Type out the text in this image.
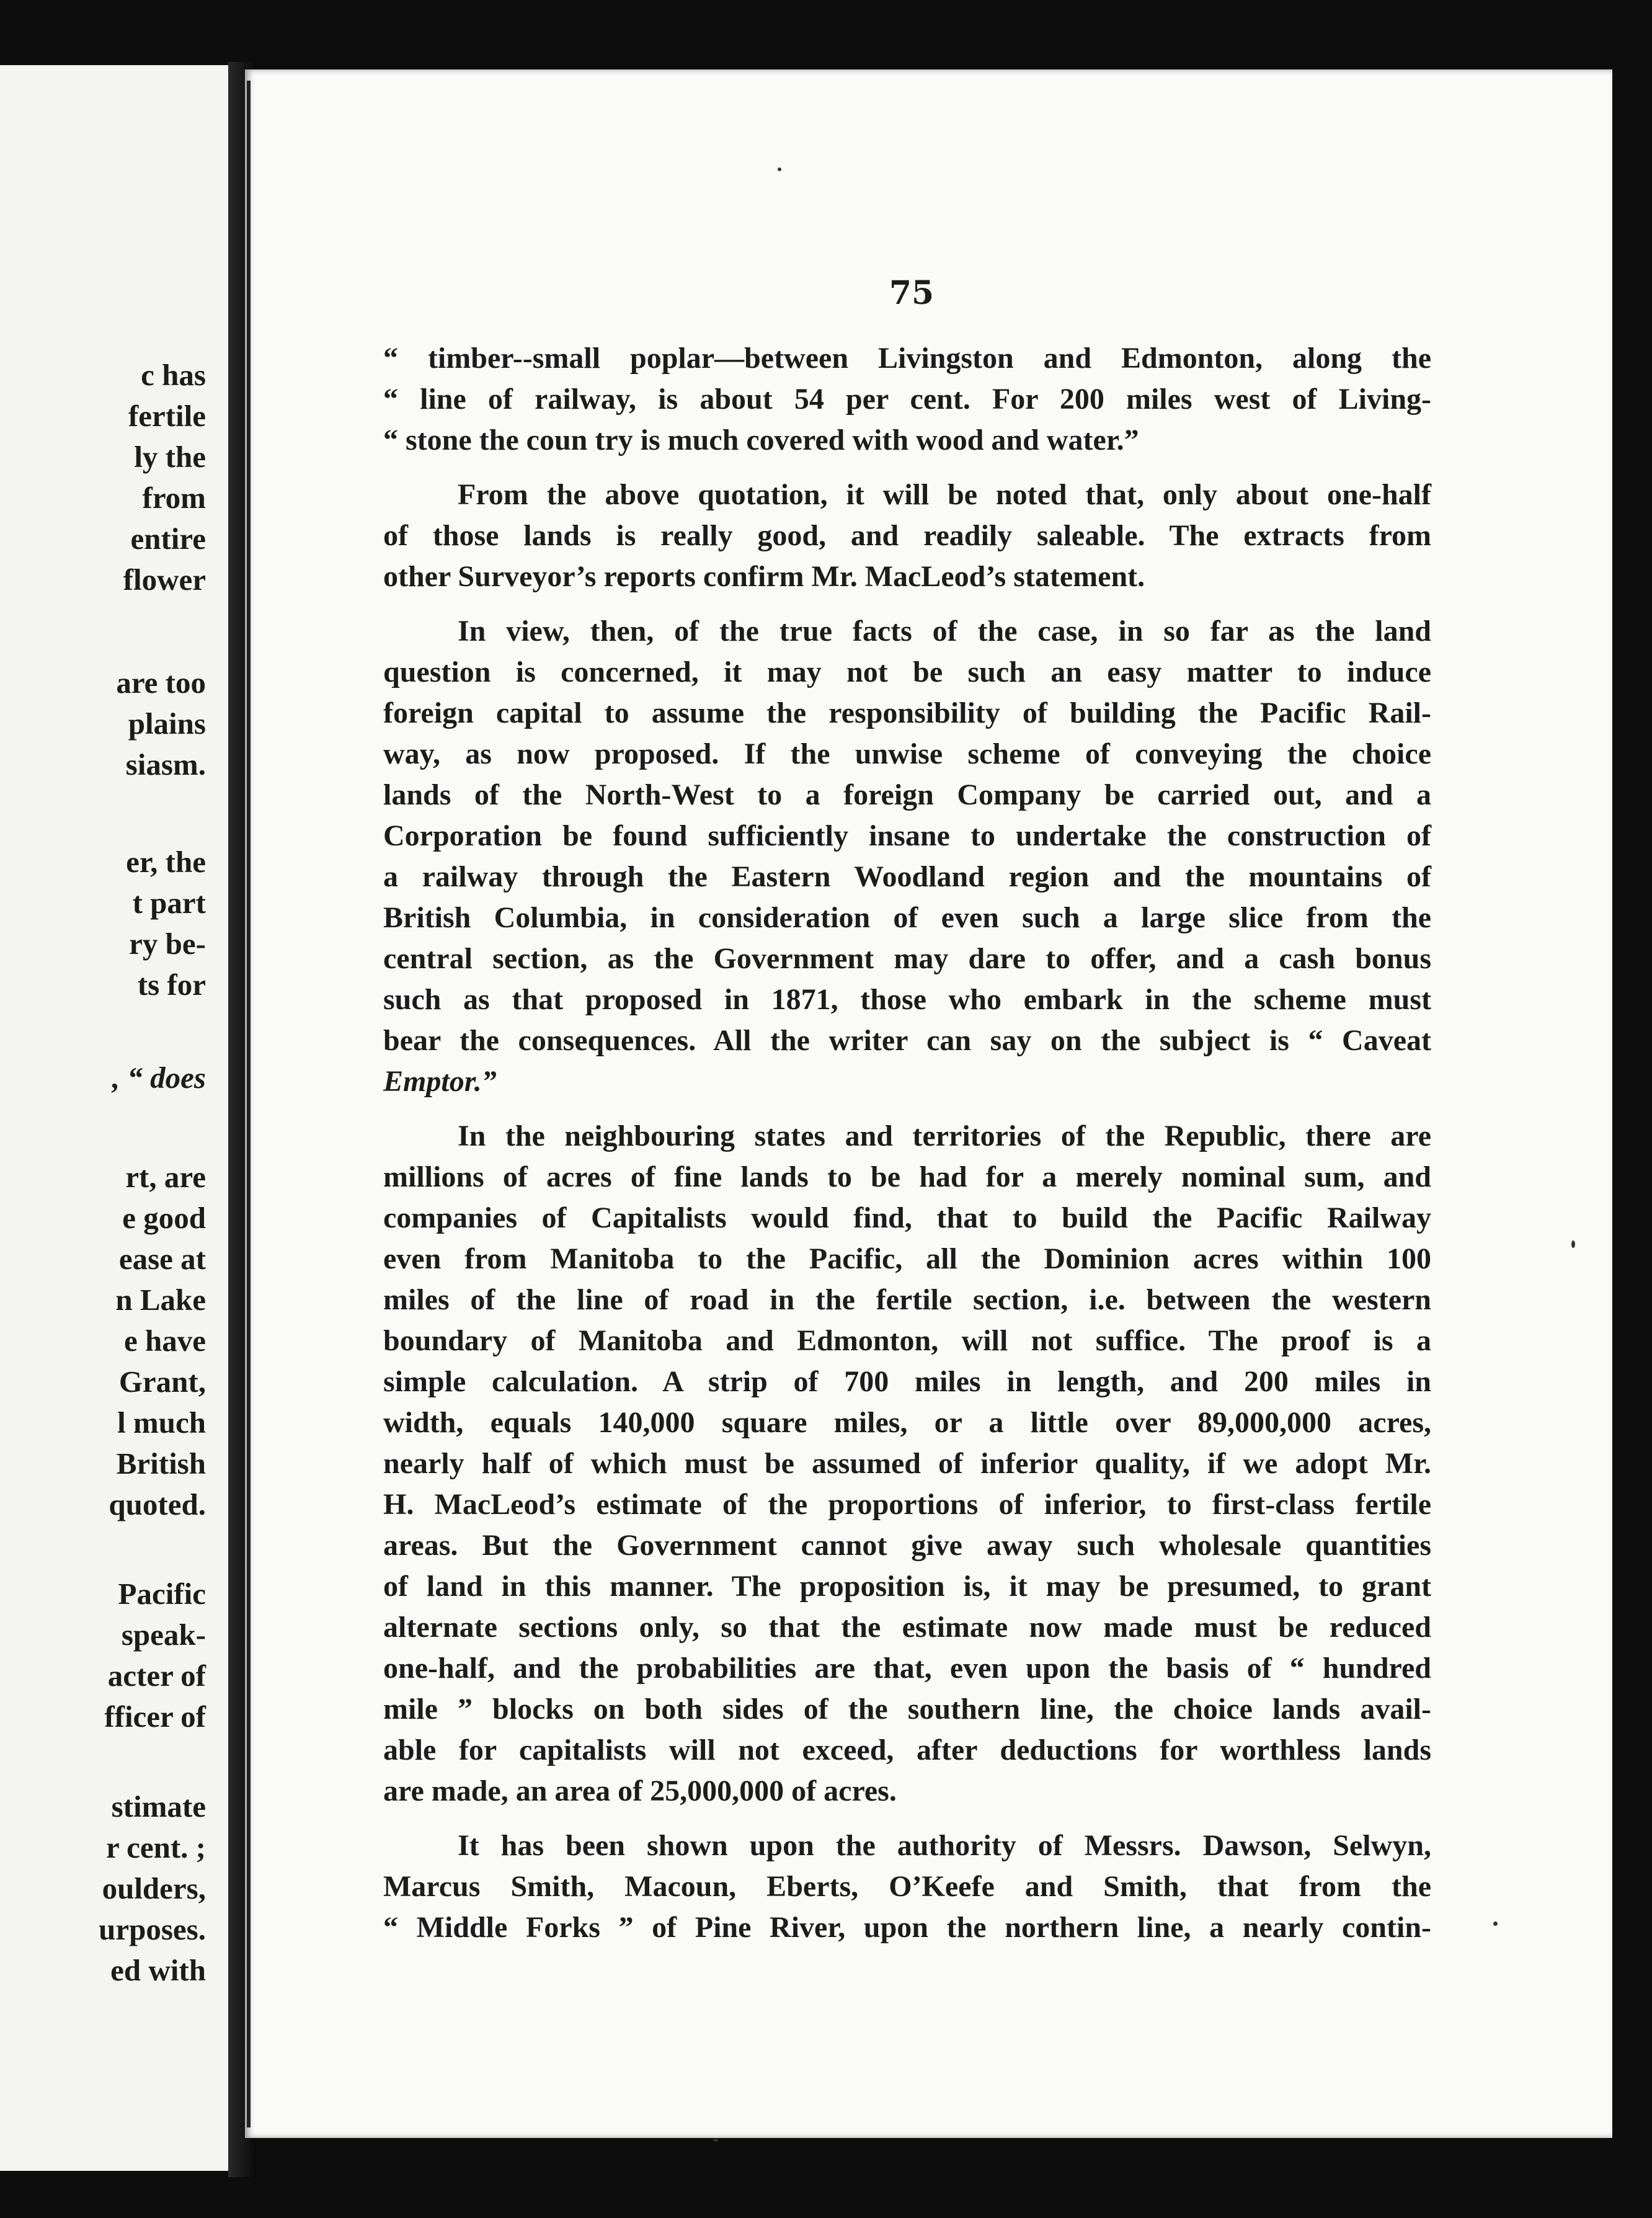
c has

fertile

ly the

from

entire

flower

are too

plains

siasm.

er, the

t part

ry be-

ts for

, “ does

rt, are

e good

ease at

n Lake

e have

Grant,

l much

British

quoted.

Pacific

speak-

acter of

fficer of

stimate

r cent. ;

oulders,

urposes.

ed with

75

“ timber--small poplar—between Livingston and Edmonton, along the
“ line of railway, is about 54 per cent. For 200 miles west of Living-
“ stone the coun try is much covered with wood and water.”
From the above quotation, it will be noted that, only about one-half
of those lands is really good, and readily saleable. The extracts from
other Surveyor’s reports confirm Mr. MacLeod’s statement.
In view, then, of the true facts of the case, in so far as the land
question is concerned, it may not be such an easy matter to induce
foreign capital to assume the responsibility of building the Pacific Rail-
way, as now proposed. If the unwise scheme of conveying the choice
lands of the North-West to a foreign Company be carried out, and a
Corporation be found sufficiently insane to undertake the construction of
a railway through the Eastern Woodland region and the mountains of
British Columbia, in consideration of even such a large slice from the
central section, as the Government may dare to offer, and a cash bonus
such as that proposed in 1871, those who embark in the scheme must
bear the consequences. All the writer can say on the subject is “ Caveat
Emptor.”
In the neighbouring states and territories of the Republic, there are
millions of acres of fine lands to be had for a merely nominal sum, and
companies of Capitalists would find, that to build the Pacific Railway
even from Manitoba to the Pacific, all the Dominion acres within 100
miles of the line of road in the fertile section, i.e. between the western
boundary of Manitoba and Edmonton, will not suffice. The proof is a
simple calculation. A strip of 700 miles in length, and 200 miles in
width, equals 140,000 square miles, or a little over 89,000,000 acres,
nearly half of which must be assumed of inferior quality, if we adopt Mr.
H. MacLeod’s estimate of the proportions of inferior, to first-class fertile
areas. But the Government cannot give away such wholesale quantities
of land in this manner. The proposition is, it may be presumed, to grant
alternate sections only, so that the estimate now made must be reduced
one-half, and the probabilities are that, even upon the basis of “ hundred
mile ” blocks on both sides of the southern line, the choice lands avail-
able for capitalists will not exceed, after deductions for worthless lands
are made, an area of 25,000,000 of acres.
It has been shown upon the authority of Messrs. Dawson, Selwyn,
Marcus Smith, Macoun, Eberts, O’Keefe and Smith, that from the
“ Middle Forks ” of Pine River, upon the northern line, a nearly contin-
